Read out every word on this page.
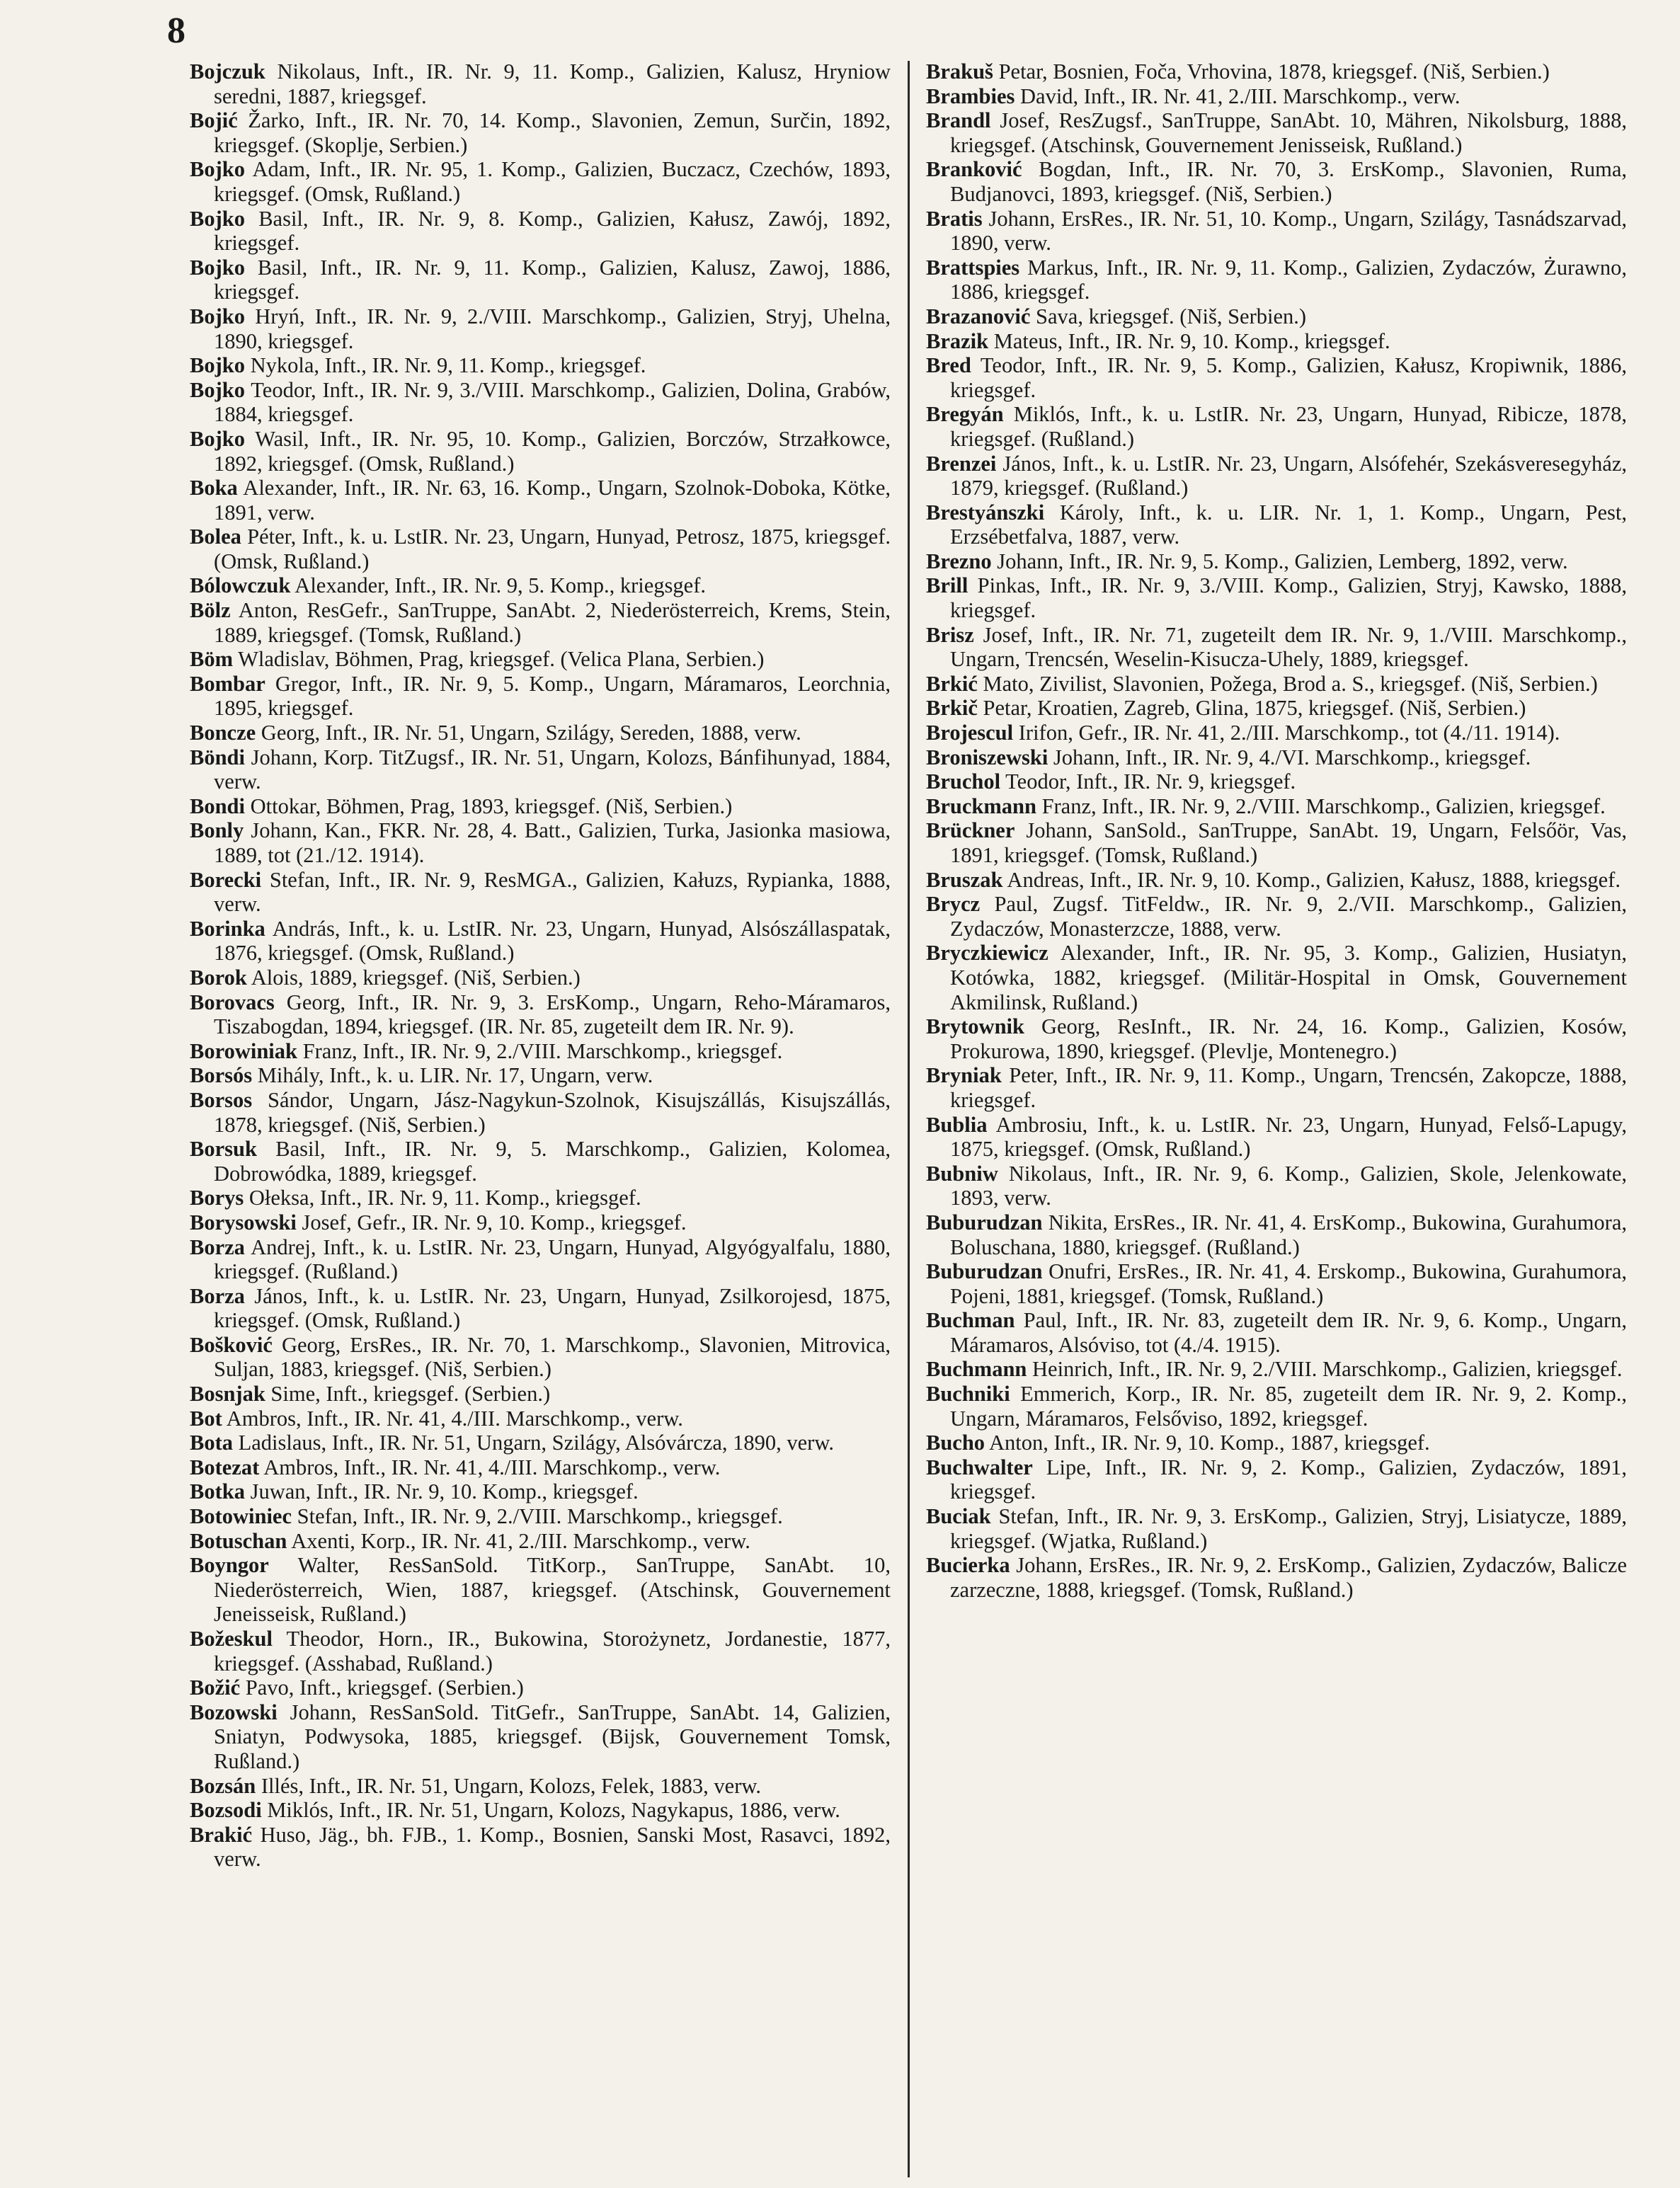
8

Bojczuk Nikolaus, Inft., IR. Nr. 9, 11. Komp., Galizien, Kalusz, Hryniow seredni, 1887, kriegsgef.

Bojić Žarko, Inft., IR. Nr. 70, 14. Komp., Slavonien, Zemun, Surčin, 1892, kriegsgef. (Skoplje, Serbien.)

Bojko Adam, Inft., IR. Nr. 95, 1. Komp., Galizien, Buczacz, Czechów, 1893, kriegsgef. (Omsk, Rußland.)

Bojko Basil, Inft., IR. Nr. 9, 8. Komp., Galizien, Kałusz, Zawój, 1892, kriegsgef.

Bojko Basil, Inft., IR. Nr. 9, 11. Komp., Galizien, Kalusz, Zawoj, 1886, kriegsgef.

Bojko Hryń, Inft., IR. Nr. 9, 2./VIII. Marschkomp., Galizien, Stryj, Uhelna, 1890, kriegsgef.

Bojko Nykola, Inft., IR. Nr. 9, 11. Komp., kriegsgef.

Bojko Teodor, Inft., IR. Nr. 9, 3./VIII. Marschkomp., Galizien, Dolina, Grabów, 1884, kriegsgef.

Bojko Wasil, Inft., IR. Nr. 95, 10. Komp., Galizien, Borczów, Strzałkowce, 1892, kriegsgef. (Omsk, Rußland.)

Boka Alexander, Inft., IR. Nr. 63, 16. Komp., Ungarn, Szolnok-Doboka, Kötke, 1891, verw.

Bolea Péter, Inft., k. u. LstIR. Nr. 23, Ungarn, Hunyad, Petrosz, 1875, kriegsgef. (Omsk, Rußland.)

Bólowczuk Alexander, Inft., IR. Nr. 9, 5. Komp., kriegsgef.

Bölz Anton, ResGefr., SanTruppe, SanAbt. 2, Niederösterreich, Krems, Stein, 1889, kriegsgef. (Tomsk, Rußland.)

Böm Wladislav, Böhmen, Prag, kriegsgef. (Velica Plana, Serbien.)

Bombar Gregor, Inft., IR. Nr. 9, 5. Komp., Ungarn, Máramaros, Leorchnia, 1895, kriegsgef.

Boncze Georg, Inft., IR. Nr. 51, Ungarn, Szilágy, Sereden, 1888, verw.

Böndi Johann, Korp. TitZugsf., IR. Nr. 51, Ungarn, Kolozs, Bánfihunyad, 1884, verw.

Bondi Ottokar, Böhmen, Prag, 1893, kriegsgef. (Niš, Serbien.)

Bonly Johann, Kan., FKR. Nr. 28, 4. Batt., Galizien, Turka, Jasionka masiowa, 1889, tot (21./12. 1914).

Borecki Stefan, Inft., IR. Nr. 9, ResMGA., Galizien, Kałuzs, Rypianka, 1888, verw.

Borinka András, Inft., k. u. LstIR. Nr. 23, Ungarn, Hunyad, Alsószállaspatak, 1876, kriegsgef. (Omsk, Rußland.)

Borok Alois, 1889, kriegsgef. (Niš, Serbien.)

Borovacs Georg, Inft., IR. Nr. 9, 3. ErsKomp., Ungarn, Reho-Máramaros, Tiszabogdan, 1894, kriegsgef. (IR. Nr. 85, zugeteilt dem IR. Nr. 9).

Borowiniak Franz, Inft., IR. Nr. 9, 2./VIII. Marschkomp., kriegsgef.

Borsós Mihály, Inft., k. u. LIR. Nr. 17, Ungarn, verw.

Borsos Sándor, Ungarn, Jász-Nagykun-Szolnok, Kisujszállás, Kisujszállás, 1878, kriegsgef. (Niš, Serbien.)

Borsuk Basil, Inft., IR. Nr. 9, 5. Marschkomp., Galizien, Kolomea, Dobrowódka, 1889, kriegsgef.

Borys Ołeksa, Inft., IR. Nr. 9, 11. Komp., kriegsgef.

Borysowski Josef, Gefr., IR. Nr. 9, 10. Komp., kriegsgef.

Borza Andrej, Inft., k. u. LstIR. Nr. 23, Ungarn, Hunyad, Algyógyalfalu, 1880, kriegsgef. (Rußland.)

Borza János, Inft., k. u. LstIR. Nr. 23, Ungarn, Hunyad, Zsilkorojesd, 1875, kriegsgef. (Omsk, Rußland.)

Bošković Georg, ErsRes., IR. Nr. 70, 1. Marschkomp., Slavonien, Mitrovica, Suljan, 1883, kriegsgef. (Niš, Serbien.)

Bosnjak Sime, Inft., kriegsgef. (Serbien.)

Bot Ambros, Inft., IR. Nr. 41, 4./III. Marschkomp., verw.

Bota Ladislaus, Inft., IR. Nr. 51, Ungarn, Szilágy, Alsóvárcza, 1890, verw.

Botezat Ambros, Inft., IR. Nr. 41, 4./III. Marschkomp., verw.

Botka Juwan, Inft., IR. Nr. 9, 10. Komp., kriegsgef.

Botowiniec Stefan, Inft., IR. Nr. 9, 2./VIII. Marschkomp., kriegsgef.

Botuschan Axenti, Korp., IR. Nr. 41, 2./III. Marschkomp., verw.

Boyngor Walter, ResSanSold. TitKorp., SanTruppe, SanAbt. 10, Niederösterreich, Wien, 1887, kriegsgef. (Atschinsk, Gouvernement Jeneisseisk, Rußland.)

Božeskul Theodor, Horn., IR., Bukowina, Storożynetz, Jordanestie, 1877, kriegsgef. (Asshabad, Rußland.)

Božić Pavo, Inft., kriegsgef. (Serbien.)

Bozowski Johann, ResSanSold. TitGefr., SanTruppe, SanAbt. 14, Galizien, Sniatyn, Podwysoka, 1885, kriegsgef. (Bijsk, Gouvernement Tomsk, Rußland.)

Bozsán Illés, Inft., IR. Nr. 51, Ungarn, Kolozs, Felek, 1883, verw.

Bozsodi Miklós, Inft., IR. Nr. 51, Ungarn, Kolozs, Nagykapus, 1886, verw.

Brakić Huso, Jäg., bh. FJB., 1. Komp., Bosnien, Sanski Most, Rasavci, 1892, verw.

Brakuš Petar, Bosnien, Foča, Vrhovina, 1878, kriegsgef. (Niš, Serbien.)

Brambies David, Inft., IR. Nr. 41, 2./III. Marschkomp., verw.

Brandl Josef, ResZugsf., SanTruppe, SanAbt. 10, Mähren, Nikolsburg, 1888, kriegsgef. (Atschinsk, Gouvernement Jenisseisk, Rußland.)

Branković Bogdan, Inft., IR. Nr. 70, 3. ErsKomp., Slavonien, Ruma, Budjanovci, 1893, kriegsgef. (Niš, Serbien.)

Bratis Johann, ErsRes., IR. Nr. 51, 10. Komp., Ungarn, Szilágy, Tasnádszarvad, 1890, verw.

Brattspies Markus, Inft., IR. Nr. 9, 11. Komp., Galizien, Zydaczów, Żurawno, 1886, kriegsgef.

Brazanović Sava, kriegsgef. (Niš, Serbien.)

Brazik Mateus, Inft., IR. Nr. 9, 10. Komp., kriegsgef.

Bred Teodor, Inft., IR. Nr. 9, 5. Komp., Galizien, Kałusz, Kropiwnik, 1886, kriegsgef.

Bregyán Miklós, Inft., k. u. LstIR. Nr. 23, Ungarn, Hunyad, Ribicze, 1878, kriegsgef. (Rußland.)

Brenzei János, Inft., k. u. LstIR. Nr. 23, Ungarn, Alsófehér, Szekásveresegyház, 1879, kriegsgef. (Rußland.)

Brestyánszki Károly, Inft., k. u. LIR. Nr. 1, 1. Komp., Ungarn, Pest, Erzsébetfalva, 1887, verw.

Brezno Johann, Inft., IR. Nr. 9, 5. Komp., Galizien, Lemberg, 1892, verw.

Brill Pinkas, Inft., IR. Nr. 9, 3./VIII. Komp., Galizien, Stryj, Kawsko, 1888, kriegsgef.

Brisz Josef, Inft., IR. Nr. 71, zugeteilt dem IR. Nr. 9, 1./VIII. Marschkomp., Ungarn, Trencsén, Weselin-Kisucza-Uhely, 1889, kriegsgef.

Brkić Mato, Zivilist, Slavonien, Požega, Brod a. S., kriegsgef. (Niš, Serbien.)

Brkič Petar, Kroatien, Zagreb, Glina, 1875, kriegsgef. (Niš, Serbien.)

Brojescul Irifon, Gefr., IR. Nr. 41, 2./III. Marschkomp., tot (4./11. 1914).

Broniszewski Johann, Inft., IR. Nr. 9, 4./VI. Marschkomp., kriegsgef.

Bruchol Teodor, Inft., IR. Nr. 9, kriegsgef.

Bruckmann Franz, Inft., IR. Nr. 9, 2./VIII. Marschkomp., Galizien, kriegsgef.

Brückner Johann, SanSold., SanTruppe, SanAbt. 19, Ungarn, Felsőör, Vas, 1891, kriegsgef. (Tomsk, Rußland.)

Bruszak Andreas, Inft., IR. Nr. 9, 10. Komp., Galizien, Kałusz, 1888, kriegsgef.

Brycz Paul, Zugsf. TitFeldw., IR. Nr. 9, 2./VII. Marschkomp., Galizien, Zydaczów, Monasterzcze, 1888, verw.

Bryczkiewicz Alexander, Inft., IR. Nr. 95, 3. Komp., Galizien, Husiatyn, Kotówka, 1882, kriegsgef. (Militär-Hospital in Omsk, Gouvernement Akmilinsk, Rußland.)

Brytownik Georg, ResInft., IR. Nr. 24, 16. Komp., Galizien, Kosów, Prokurowa, 1890, kriegsgef. (Plevlje, Montenegro.)

Bryniak Peter, Inft., IR. Nr. 9, 11. Komp., Ungarn, Trencsén, Zakopcze, 1888, kriegsgef.

Bublia Ambrosiu, Inft., k. u. LstIR. Nr. 23, Ungarn, Hunyad, Felső-Lapugy, 1875, kriegsgef. (Omsk, Rußland.)

Bubniw Nikolaus, Inft., IR. Nr. 9, 6. Komp., Galizien, Skole, Jelenkowate, 1893, verw.

Buburudzan Nikita, ErsRes., IR. Nr. 41, 4. ErsKomp., Bukowina, Gurahumora, Boluschana, 1880, kriegsgef. (Rußland.)

Buburudzan Onufri, ErsRes., IR. Nr. 41, 4. Erskomp., Bukowina, Gurahumora, Pojeni, 1881, kriegsgef. (Tomsk, Rußland.)

Buchman Paul, Inft., IR. Nr. 83, zugeteilt dem IR. Nr. 9, 6. Komp., Ungarn, Máramaros, Alsóviso, tot (4./4. 1915).

Buchmann Heinrich, Inft., IR. Nr. 9, 2./VIII. Marschkomp., Galizien, kriegsgef.

Buchniki Emmerich, Korp., IR. Nr. 85, zugeteilt dem IR. Nr. 9, 2. Komp., Ungarn, Máramaros, Felsőviso, 1892, kriegsgef.

Bucho Anton, Inft., IR. Nr. 9, 10. Komp., 1887, kriegsgef.

Buchwalter Lipe, Inft., IR. Nr. 9, 2. Komp., Galizien, Zydaczów, 1891, kriegsgef.

Buciak Stefan, Inft., IR. Nr. 9, 3. ErsKomp., Galizien, Stryj, Lisiatycze, 1889, kriegsgef. (Wjatka, Rußland.)

Bucierka Johann, ErsRes., IR. Nr. 9, 2. ErsKomp., Galizien, Zydaczów, Balicze zarzeczne, 1888, kriegsgef. (Tomsk, Rußland.)
